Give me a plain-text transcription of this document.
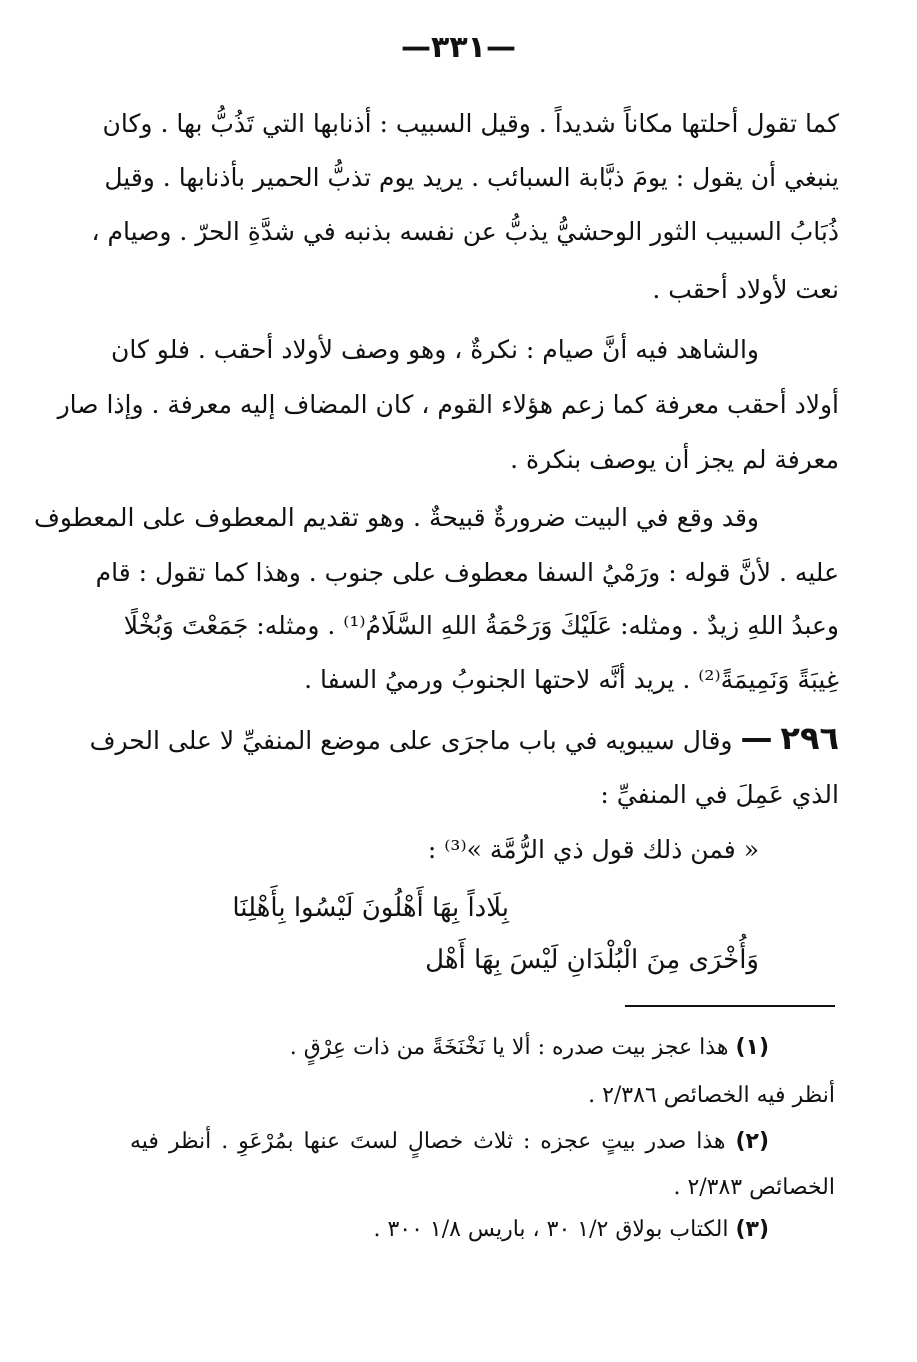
—٣٣١—
كما تقول أحلتها مكاناً شديداً . وقيل السبيب : أذنابها التي تَذُبُّ بها . وكان
ينبغي أن يقول : يومَ ذبَّابة السبائب . يريد يوم تذبُّ الحمير بأذنابها . وقيل
ذُبَابُ السبيب الثور الوحشيُّ يذبُّ عن نفسه بذنبه في شدَّةِ الحرّ . وصيام ،
نعت لأولاد أحقب .
والشاهد فيه أنَّ صيام : نكرةٌ ، وهو وصف لأولاد أحقب . فلو كان
أولاد أحقب معرفة كما زعم هؤلاء القوم ، كان المضاف إليه معرفة . وإذا صار
معرفة لم يجز أن يوصف بنكرة .
وقد وقع في البيت ضرورةٌ قبيحةٌ . وهو تقديم المعطوف على المعطوف
عليه . لأنَّ قوله : ورَمْيُ السفا معطوف على جنوب . وهذا كما تقول : قام
وعبدُ اللهِ زيدٌ . ومثله: عَلَيْكَ وَرَحْمَةُ اللهِ السَّلَامُ⁽¹⁾ . ومثله: جَمَعْتَ وَبُخْلًا
غِيبَةً وَنَمِيمَةً⁽²⁾ . يريد أنَّه لاحتها الجنوبُ ورميُ السفا .
٢٩٦ — وقال سيبويه في باب ماجرَى على موضع المنفيِّ لا على الحرف
الذي عَمِلَ في المنفيِّ :
« فمن ذلك قول ذي الرُّمَّة »⁽³⁾ :
بِلَاداً بِهَا أَهْلُونَ لَيْسُوا بِأَهْلِنَا
وَأُخْرَى مِنَ الْبُلْدَانِ لَيْسَ بِهَا أَهْل
(١) هذا عجز بيت صدره : ألا يا نَخْنَخَةً من ذات عِرْقٍ .
أنظر فيه الخصائص ٢/٣٨٦ .
(٢) هذا صدر بيتٍ عجزه : ثلاث خصالٍ لستَ عنها بمُرْعَوِ . أنظر فيه
الخصائص ٢/٣٨٣ .
(٣) الكتاب بولاق ١/٢ ٣٠ ، باريس ١/٨ ٣٠٠ .
